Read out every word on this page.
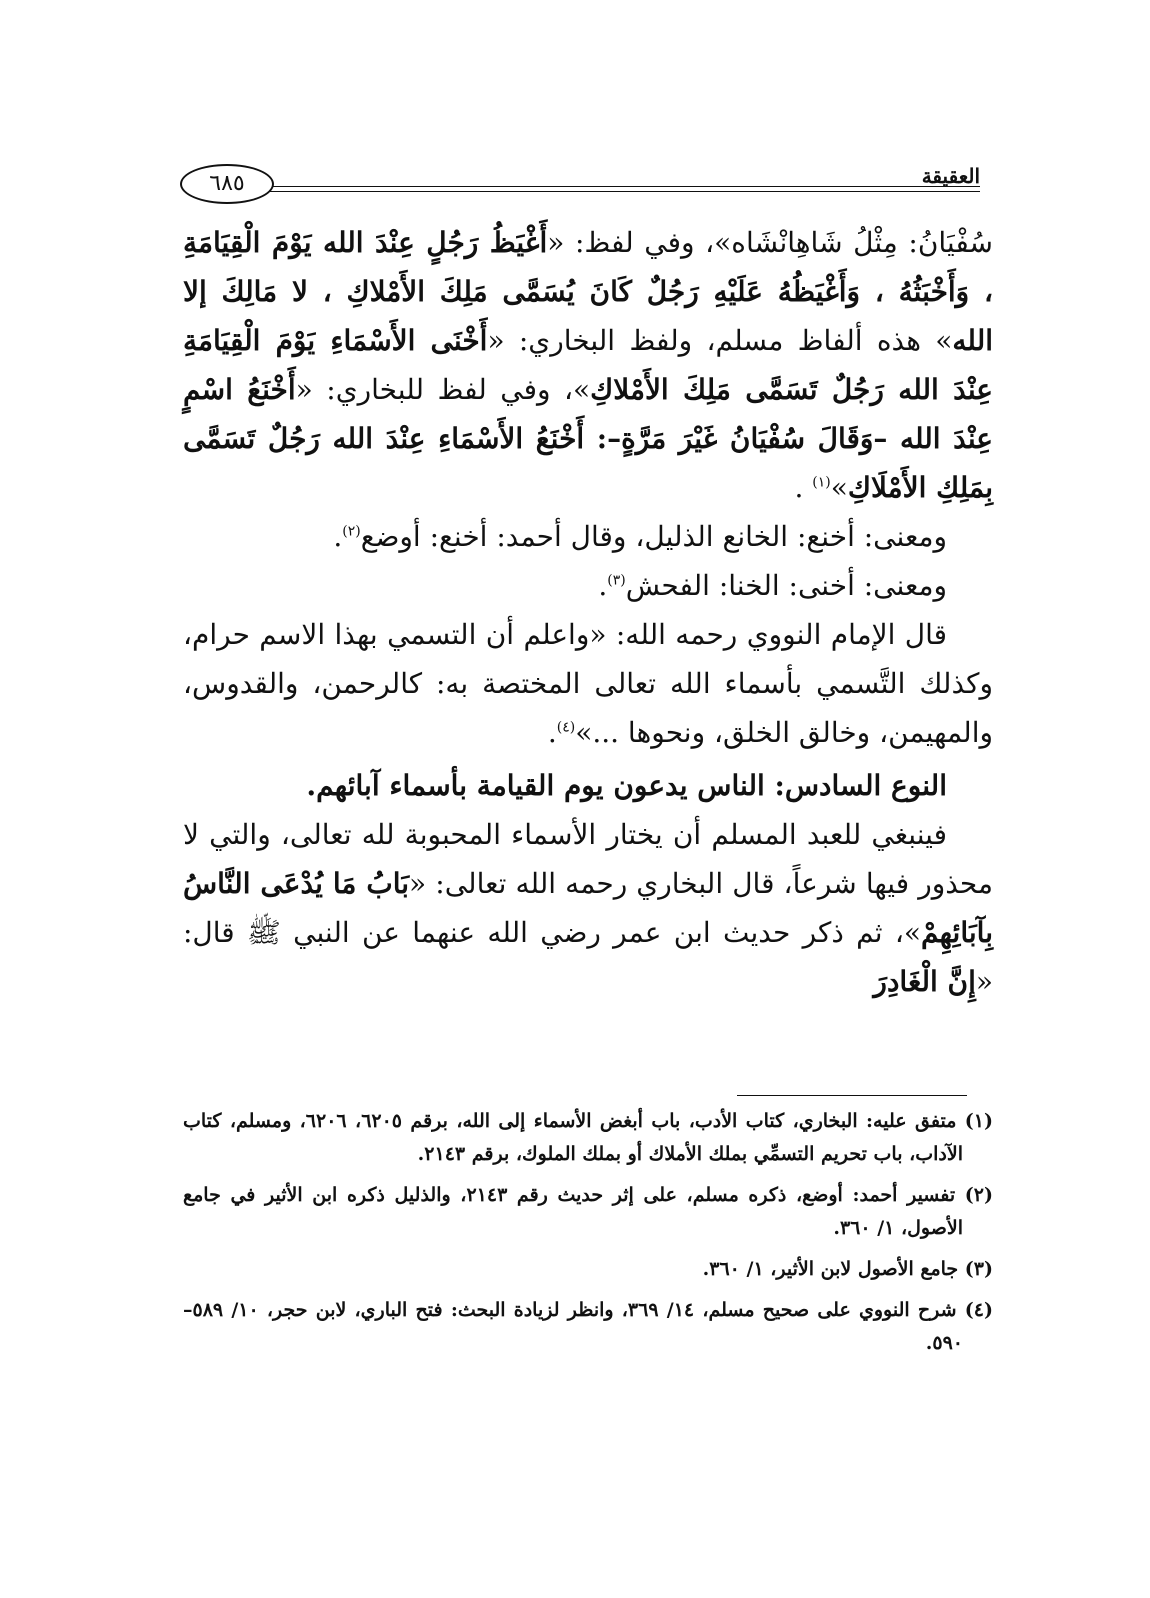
العقيقة
٦٨٥

سُفْيَانُ: مِثْلُ شَاهِانْشَاه»، وفي لفظ: «أَغْيَظُ رَجُلٍ عِنْدَ الله يَوْمَ الْقِيَامَةِ ، وَأَخْبَثُهُ ، وَأَغْيَظُهُ عَلَيْهِ رَجُلٌ كَانَ يُسَمَّى مَلِكَ الأَمْلاكِ ، لا مَالِكَ إلا الله» هذه ألفاظ مسلم، ولفظ البخاري: «أَخْنَى الأَسْمَاءِ يَوْمَ الْقِيَامَةِ عِنْدَ الله رَجُلٌ تَسَمَّى مَلِكَ الأَمْلاكِ»، وفي لفظ للبخاري: «أَخْنَعُ اسْمٍ عِنْدَ الله –وَقَالَ سُفْيَانُ غَيْرَ مَرَّةٍ–: أَخْنَعُ الأَسْمَاءِ عِنْدَ الله رَجُلٌ تَسَمَّى بِمَلِكِ الأَمْلَاكِ»$^{(١)}$ .

ومعنى: أخنع: الخانع الذليل، وقال أحمد: أخنع: أوضع$^{(٢)}$.

ومعنى: أخنى: الخنا: الفحش$^{(٣)}$.

قال الإمام النووي رحمه الله: «واعلم أن التسمي بهذا الاسم حرام، وكذلك التَّسمي بأسماء الله تعالى المختصة به: كالرحمن، والقدوس، والمهيمن، وخالق الخلق، ونحوها ...»$^{(٤)}$.

النوع السادس: الناس يدعون يوم القيامة بأسماء آبائهم.

فينبغي للعبد المسلم أن يختار الأسماء المحبوبة لله تعالى، والتي لا محذور فيها شرعاً، قال البخاري رحمه الله تعالى: «بَابُ مَا يُدْعَى النَّاسُ بِآبَائِهِمْ»، ثم ذكر حديث ابن عمر رضي الله عنهما عن النبي ﷺ قال: «إِنَّ الْغَادِرَ

(١) متفق عليه: البخاري، كتاب الأدب، باب أبغض الأسماء إلى الله، برقم ٦٢٠٥، ٦٢٠٦، ومسلم، كتاب الآداب، باب تحريم التسمِّي بملك الأملاك أو بملك الملوك، برقم ٢١٤٣.

(٢) تفسير أحمد: أوضع، ذكره مسلم، على إثر حديث رقم ٢١٤٣، والذليل ذكره ابن الأثير في جامع الأصول، ١/ ٣٦٠.

(٣) جامع الأصول لابن الأثير، ١/ ٣٦٠.

(٤) شرح النووي على صحيح مسلم، ١٤/ ٣٦٩، وانظر لزيادة البحث: فتح الباري، لابن حجر، ١٠/ ٥٨٩– ٥٩٠.
